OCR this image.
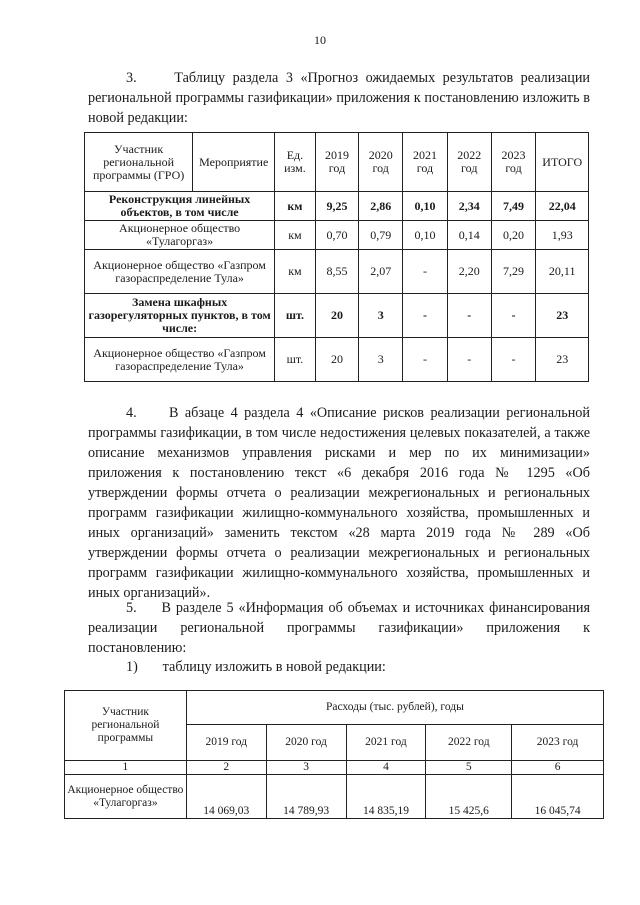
10

3.	Таблицу раздела 3 «Прогноз ожидаемых результатов реализации региональной программы газификации» приложения к постановлению изложить в новой редакции:

Участник региональной программы (ГРО)	Мероприятие	Ед. изм.	2019 год	2020 год	2021 год	2022 год	2023 год	ИТОГО
Реконструкция линейных объектов, в том числе		км	9,25	2,86	0,10	2,34	7,49	22,04
Акционерное общество «Тулагоргаз»		км	0,70	0,79	0,10	0,14	0,20	1,93
Акционерное общество «Газпром газораспределение Тула»		км	8,55	2,07	-	2,20	7,29	20,11
Замена шкафных газорегуляторных пунктов, в том числе:		шт.	20	3	-	-	-	23
Акционерное общество «Газпром газораспределение Тула»		шт.	20	3	-	-	-	23

4. В абзаце 4 раздела 4 «Описание рисков реализации региональной программы газификации, в том числе недостижения целевых показателей, а также описание механизмов управления рисками и мер по их минимизации» приложения к постановлению текст «6 декабря 2016 года № 1295 «Об утверждении формы отчета о реализации межрегиональных и региональных программ газификации жилищно-коммунального хозяйства, промышленных и иных организаций» заменить текстом «28 марта 2019 года № 289 «Об утверждении формы отчета о реализации межрегиональных и региональных программ газификации жилищно-коммунального хозяйства, промышленных и иных организаций».

5. В разделе 5 «Информация об объемах и источниках финансирования реализации региональной программы газификации» приложения к постановлению:

1) таблицу изложить в новой редакции:

Участник региональной программы	Расходы (тыс. рублей), годы				
	2019 год	2020 год	2021 год	2022 год	2023 год
1	2	3	4	5	6
Акционерное общество «Тулагоргаз»	14 069,03	14 789,93	14 835,19	15 425,6	16 045,74
